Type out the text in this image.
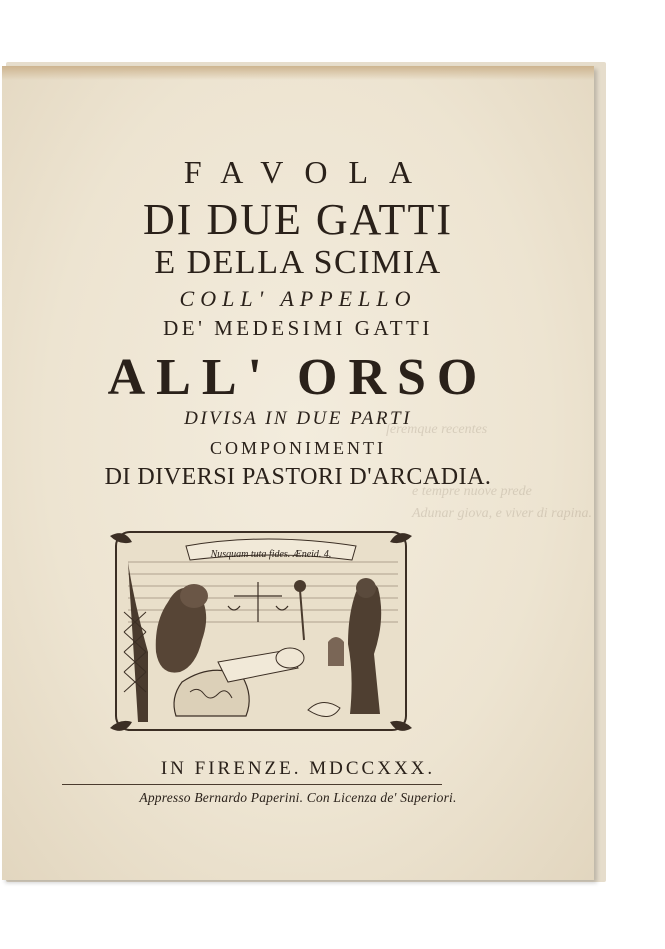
ſeremque recentes
e tempre nuove prede
Adunar giova, e viver di rapina.

FAVOLA

DI DUE GATTI

E DELLA SCIMIA

COLL' APPELLO

DE' MEDESIMI GATTI

ALL' ORSO

DIVISA IN DUE PARTI

COMPONIMENTI

DI DIVERSI PASTORI D'ARCADIA.

Nusquam tuta fides. Æneid. 4.

IN FIRENZE. MDCCXXX.

Appresso Bernardo Paperini. Con Licenza de' Superiori.
